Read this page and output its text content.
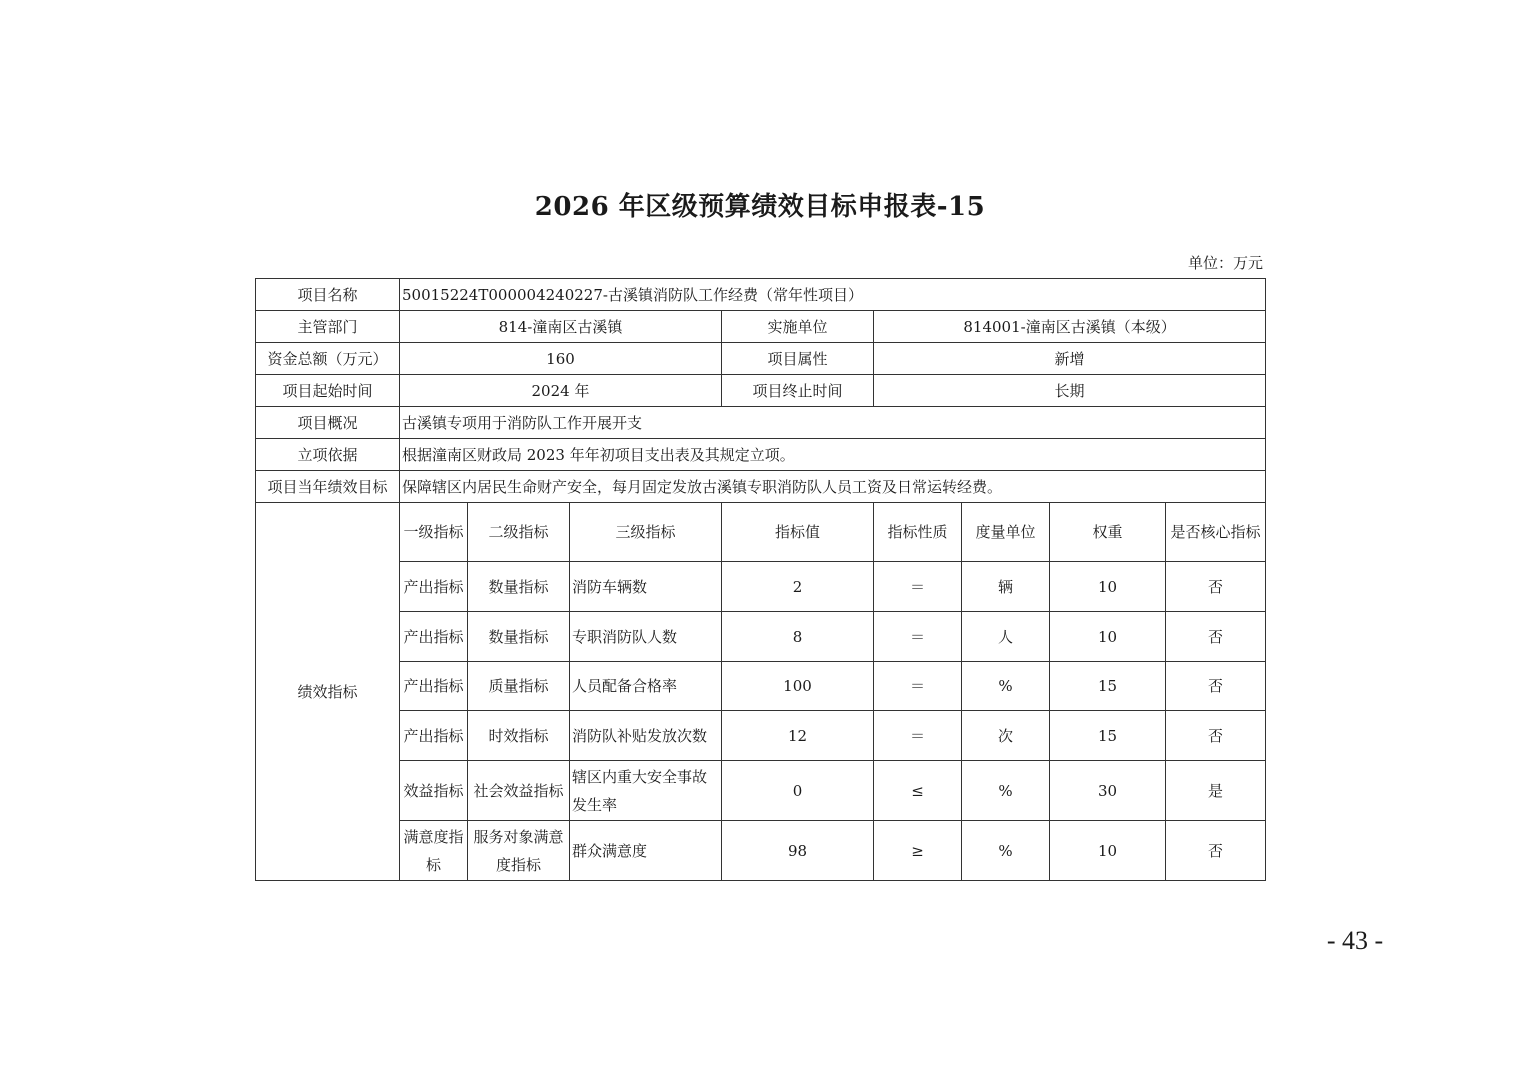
2026 年区级预算绩效目标申报表-15
单位：万元
项目名称	50015224T000004240227-古溪镇消防队工作经费（常年性项目）							
主管部门	814-潼南区古溪镇			实施单位	814001-潼南区古溪镇（本级）			
资金总额（万元）	160			项目属性	新增			
项目起始时间	2024 年			项目终止时间	长期			
项目概况	古溪镇专项用于消防队工作开展开支							
立项依据	根据潼南区财政局 2023 年年初项目支出表及其规定立项。							
项目当年绩效目标	保障辖区内居民生命财产安全，每月固定发放古溪镇专职消防队人员工资及日常运转经费。							
绩效指标	一级指标	二级指标	三级指标	指标值	指标性质	度量单位	权重	是否核心指标
	产出指标	数量指标	消防车辆数	2	＝	辆	10	否
	产出指标	数量指标	专职消防队人数	8	＝	人	10	否
	产出指标	质量指标	人员配备合格率	100	＝	%	15	否
	产出指标	时效指标	消防队补贴发放次数	12	＝	次	15	否
	效益指标	社会效益指标	辖区内重大安全事故发生率	0	≤	%	30	是
	满意度指标	服务对象满意度指标	群众满意度	98	≥	%	10	否
- 43 -
